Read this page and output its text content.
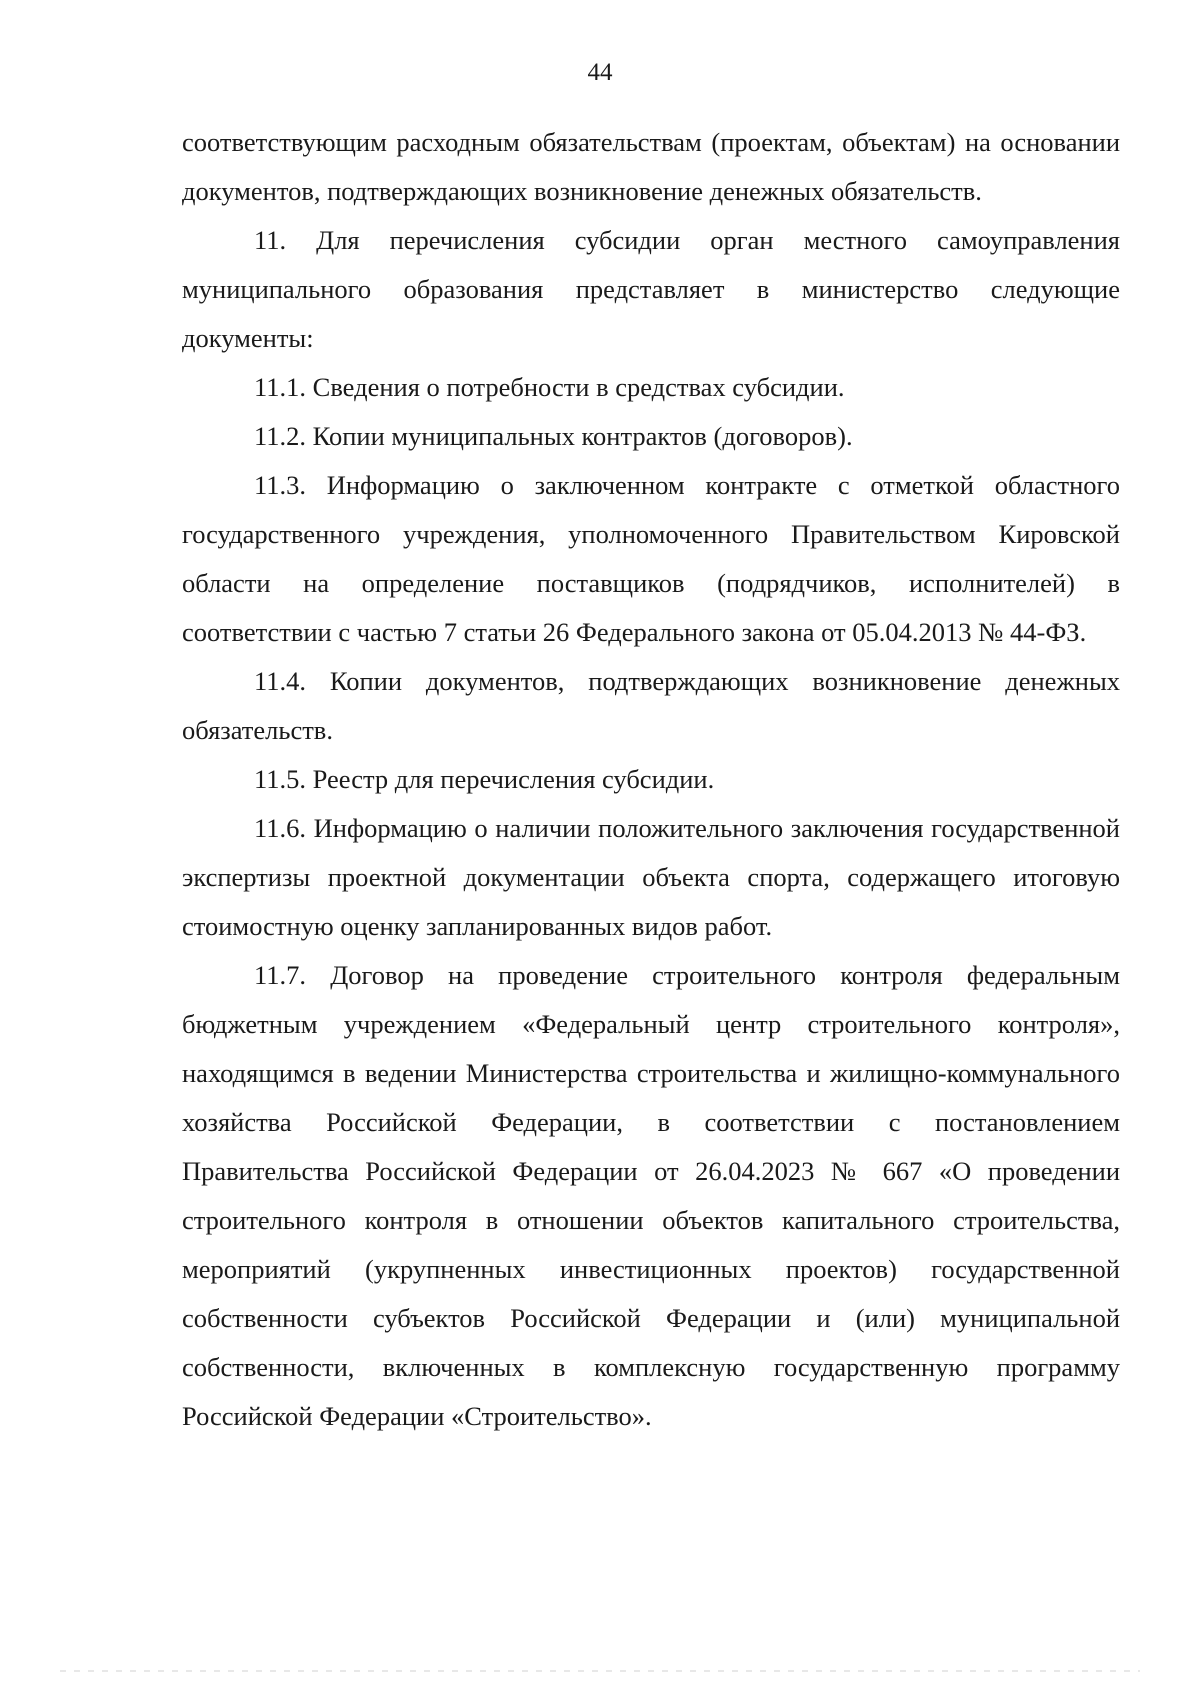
44

соответствующим расходным обязательствам (проектам, объектам) на основании документов, подтверждающих возникновение денежных обязательств.

11. Для перечисления субсидии орган местного самоуправления муниципального образования представляет в министерство следующие документы:

11.1. Сведения о потребности в средствах субсидии.

11.2. Копии муниципальных контрактов (договоров).

11.3. Информацию о заключенном контракте с отметкой областного государственного учреждения, уполномоченного Правительством Кировской области на определение поставщиков (подрядчиков, исполнителей) в соответствии с частью 7 статьи 26 Федерального закона от 05.04.2013 № 44-ФЗ.

11.4. Копии документов, подтверждающих возникновение денежных обязательств.

11.5. Реестр для перечисления субсидии.

11.6. Информацию о наличии положительного заключения государственной экспертизы проектной документации объекта спорта, содержащего итоговую стоимостную оценку запланированных видов работ.

11.7. Договор на проведение строительного контроля федеральным бюджетным учреждением «Федеральный центр строительного контроля», находящимся в ведении Министерства строительства и жилищно-коммунального хозяйства Российской Федерации, в соответствии с постановлением Правительства Российской Федерации от 26.04.2023 № 667 «О проведении строительного контроля в отношении объектов капитального строительства, мероприятий (укрупненных инвестиционных проектов) государственной собственности субъектов Российской Федерации и (или) муниципальной собственности, включенных в комплексную государственную программу Российской Федерации «Строительство».
